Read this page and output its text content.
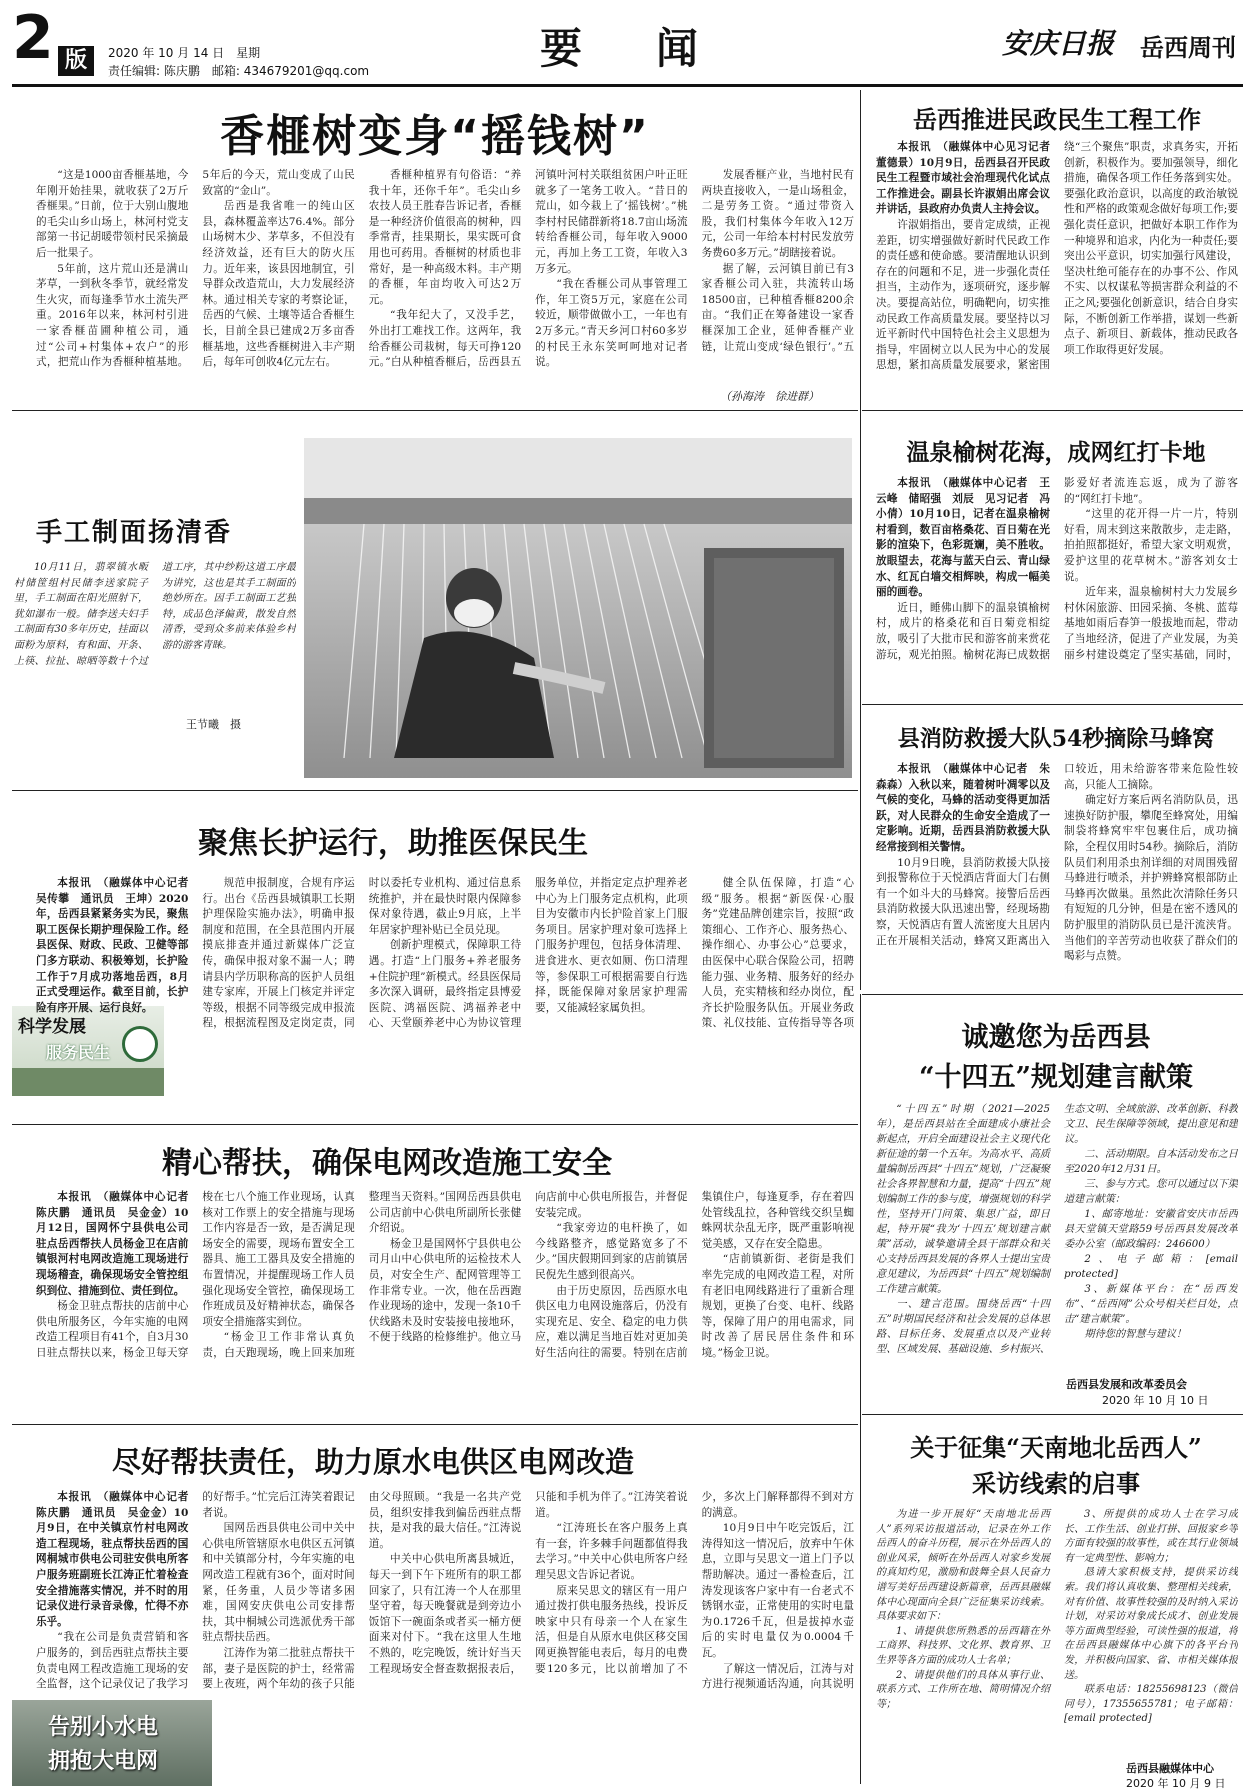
2 版	2020 年 10 月 14 日　星期
责任编辑: 陈庆鹏　邮箱: 434679201@qq.com	要　闻	安庆日报 岳西周刊
香榧树变身“摇钱树”

“这是1000亩香榧基地，今年刚开始挂果，就收获了2万斤香榧果。”日前，位于大别山腹地的毛尖山乡山场上，林河村党支部第一书记胡暖带领村民采摘最后一批果子。

5年前，这片荒山还是满山茅草，一到秋冬季节，就经常发生火灾，而每逢季节水土流失严重。2016年以来，林河村引进一家香榧苗圃种植公司，通过“公司+村集体+农户”的形式，把荒山作为香榧种植基地。5年后的今天，荒山变成了山民致富的“金山”。

岳西是我省唯一的纯山区县，森林覆盖率达76.4%。部分山场树木少、茅草多，不但没有经济效益，还有巨大的防火压力。近年来，该县因地制宜，引导群众改造荒山，大力发展经济林。通过相关专家的考察论证，岳西的气候、土壤等适合香榧生长，目前全县已建成2万多亩香榧基地，这些香榧树进入丰产期后，每年可创收4亿元左右。

香榧种植界有句俗语：“养我十年，还你千年”。毛尖山乡农技人员王胜春告诉记者，香榧是一种经济价值很高的树种，四季常青，挂果期长，果实既可食用也可药用。香榧树的材质也非常好，是一种高级木料。丰产期的香榧，年亩均收入可达2万元。

“我年纪大了，又没手艺，外出打工难找工作。这两年，我给香榧公司栽树，每天可挣120元。”白从种植香榧后，岳西县五河镇叶河村关联组贫困户叶正旺就多了一笔务工收入。“昔日的荒山，如今栽上了‘摇钱树’。”桃李村村民储群新将18.7亩山场流转给香榧公司，每年收入9000元，再加上务工工资，年收入3万多元。

“我在香榧公司从事管理工作，年工资5万元，家庭在公司较近，顺带做做小工，一年也有2万多元。”青天乡河口村60多岁的村民王永东笑呵呵地对记者说。

发展香榧产业，当地村民有两块直接收入，一是山场租金，二是劳务工资。“通过带资入股，我们村集体今年收入12万元，公司一年给本村村民发放劳务费60多万元。”胡瞎接着说。

据了解，云河镇目前已有3家香榧公司入驻，共流转山场18500亩，已种植香榧8200余亩。“我们正在筹备建设一家香榧深加工企业，延伸香榧产业链，让荒山变成‘绿色银行’。”五

（孙海涛　徐进群）
岳西推进民政民生工程工作

本报讯　（融媒体中心见习记者　董德景）10月9日，岳西县召开民政民生工程暨市域社会治理现代化试点工作推进会。副县长许淑娟出席会议并讲话，县政府办负责人主持会议。

许淑娟指出，要肯定成绩，正视差距，切实增强做好新时代民政工作的责任感和使命感。要清醒地认识到存在的问题和不足，进一步强化责任担当，主动作为，逐项研究，逐步解决。要提高站位，明确靶向，切实推动民政工作高质量发展。要坚持以习近平新时代中国特色社会主义思想为指导，牢固树立以人民为中心的发展思想，紧扣高质量发展要求，紧密围绕“三个聚焦”职责，求真务实，开拓创新，积极作为。要加强领导，细化措施，确保各项工作任务落到实处。要强化政治意识，以高度的政治敏锐性和严格的政策观念做好每项工作;要强化责任意识，把做好本职工作作为一种境界和追求，内化为一种责任;要突出公平意识，切实加强行风建设，坚决杜绝可能存在的办事不公、作风不实、以权谋私等损害群众利益的不正之风;要强化创新意识，结合自身实际，不断创新工作举措，谋划一些新点子、新项目、新载体，推动民政各项工作取得更好发展。

手工制面扬清香

10月11日，翡翠镇水畈村储筐组村民储李送家院子里，手工制面在阳光照射下，犹如瀑布一般。储李送夫妇手工制面有30多年历史，挂面以面粉为原料，有和面、开条、上筷、拉扯、晾晒等数十个过道工序，其中纱粉这道工序最为讲究，这也是其手工制面的绝妙所在。因手工制面工艺独特，成品色泽偏黄，散发自然清香，受到众多前来体验乡村游的游客青睐。

王节曦　摄
温泉榆树花海，成网红打卡地

本报讯　（融媒体中心记者　王云峰　储昭强　刘辰　见习记者　冯小倩）10月10日，记者在温泉榆树村看到，数百亩格桑花、百日菊在光影的渲染下，色彩斑斓，美不胜收。放眼望去，花海与蓝天白云、青山绿水、红瓦白墙交相辉映，构成一幅美丽的画卷。

近日，睡佛山脚下的温泉镇榆树村，成片的格桑花和百日菊竞相绽放，吸引了大批市民和游客前来赏花游玩，观光拍照。榆树花海已成数据影爱好者流连忘返，成为了游客的“网红打卡地”。

“这里的花开得一片一片，特别好看，周末到这来散散步，走走路，拍拍照都挺好，希望大家文明观赏，爱护这里的花草树木。”游客刘女士说。

近年来，温泉榆树村大力发展乡村休闲旅游、田园采摘、冬桃、蓝莓基地如雨后春笋一般拔地而起，带动了当地经济，促进了产业发展，为美丽乡村建设奠定了坚实基础，同时，

县消防救援大队54秒摘除马蜂窝

本报讯　（融媒体中心记者　朱森森）入秋以来，随着树叶凋零以及气候的变化，马蜂的活动变得更加活跃，对人民群众的生命安全造成了一定影响。近期，岳西县消防救援大队经常接到相关警情。

10月9日晚，县消防救援大队接到报警称位于天悦酒店背面大门右侧有一个如斗大的马蜂窝。接警后岳西县消防救援大队迅速出警，经现场勘察，天悦酒店有置人流密度大且居内正在开展相关活动，蜂窝又距离出入口较近，用未给游客带来危险性较高，只能人工摘除。

确定好方案后两名消防队员，迅速换好防护服，攀爬至蜂窝处，用编制袋将蜂窝牢牢包裹住后，成功摘除，全程仅用时54秒。摘除后，消防队员们利用杀虫剂详细的对周围残留马蜂进行喷杀，并护辨蜂窝根部防止马蜂再次做巢。虽然此次清除任务只有短短的几分钟，但是在密不透风的防护服里的消防队员已是汗流浃背。当他们的辛苦劳动也收获了群众们的喝彩与点赞。

聚焦长护运行，助推医保民生
科学发展
服务民生

本报讯　（融媒体中心记者　吴传攀　通讯员　王坤）2020年，岳西县紧紧务实为民，聚焦职工医保长期护理保险工作。经县医保、财政、民政、卫健等部门多方联动、积极筹划，长护险工作于7月成功落地岳西，8月正式受理运作。截至目前，长护险有序开展、运行良好。

规范申报制度，合规有序运行。出台《岳西县城镇职工长期护理保险实施办法》，明确申报制度和范围，在全县范围内开展摸底排查并通过新媒体广泛宣传，确保申报对象不漏一人；聘请县内学历职称高的医护人员组建专家库，开展上门核定并评定等级，根据不同等级完成申报流程，根据流程图及定岗定责，同时以委托专业机构、通过信息系统推护，并在最快时限内保障参保对象待遇，截止9月底，上半年居家护理补贴已全员兑现。

创新护理模式，保障职工待遇。打造“上门服务+养老服务+住院护理”新模式。经县医保局多次深入调研，最终指定县博爱医院、鸿福医院、鸿福养老中心、天堂颐养老中心为协议管理服务单位，并指定定点护理养老中心为上门服务定点机构，此项目为安徽市内长护险首家上门服务项目。居家护理对象可选择上门服务护理包，包括身体清理、进食进水、更衣如厕、伤口清理等，参保职工可根据需要自行选择，既能保障对象居家护理需要，又能减轻家属负担。

健全队伍保障，打造“心级”服务。根据“新医保·心服务”党建品牌创建宗旨，按照“政策细心、工作齐心、服务热心、操作细心、办事公心”总要求，由医保中心联合保险公司，招聘能力强、业务精、服务好的经办人员，充实精核和经办岗位，配齐长护险服务队伍。开展业务政策、礼仪技能、宣传指导等各项	诚邀您为岳西县
“十四五”规划建言献策

“十四五”时期（2021—2025年），是岳西县站在全面建成小康社会新起点，开启全面建设社会主义现代化新征途的第一个五年。为高水平、高质量编制岳西县“十四五”规划，广泛凝聚社会各界智慧和力量，提高“十四五”规划编制工作的参与度，增强规划的科学性，坚持开门问策、集思广益，即日起，特开展“我为‘十四五’规划建言献策”活动，诚挚邀请全县干部群众和关心支持岳西县发展的各界人士提出宝贵意见建议，为岳西县“十四五”规划编制工作建言献策。

一、建言范围。围绕岳西“十四五”时期国民经济和社会发展的总体思路、目标任务、发展重点以及产业转型、区域发展、基础设施、乡村振兴、生态文明、全域旅游、改革创新、科教文卫、民生保障等领域，提出意见和建议。

二、活动期限。自本活动发布之日至2020年12月31日。

三、参与方式。您可以通过以下渠道建言献策：

1、邮寄地址：安徽省安庆市岳西县天堂镇天堂路59号岳西县发展改革委办公室（邮政编码：246600）

2、电子邮箱：[email protected]

3、新媒体平台：在“岳西发布”、“岳西网”公众号相关栏目处，点击“建言献策”。

期待您的智慧与建议！

岳西县发展和改革委员会
2020 年 10 月 10 日
精心帮扶，确保电网改造施工安全

本报讯　（融媒体中心记者　陈庆鹏　通讯员　吴金金）10月12日，国网怀宁县供电公司驻点岳西帮扶人员杨金卫在店前镇银河村电网改造施工现场进行现场稽查，确保现场安全管控组织到位、措施到位、责任到位。

杨金卫驻点帮扶的店前中心供电所服务区，今年实施的电网改造工程项目有41个，自3月30日驻点帮扶以来，杨金卫每天穿梭在七八个施工作业现场，认真核对工作票上的安全措施与现场工作内容是否一致，是否满足现场安全的需要，现场布置安全工器具、施工工器具及安全措施的布置情况，并提醒现场工作人员强化现场安全管控，确保现场工作班成员及好精神状态，确保各项安全措施落实到位。

“杨金卫工作非常认真负责，白天跑现场，晚上回来加班整理当天资料。”国网岳西县供电公司店前中心供电所副所长张健介绍说。

杨金卫是国网怀宁县供电公司月山中心供电所的运检技术人员，对安全生产、配网管理等工作非常专业。一次，他在岳西跑作业现场的途中，发现一条10千伏线路未及时安装接电接地环，不便于线路的检修维护。他立马向店前中心供电所报告，并督促安装完成。

“我家旁边的电杆换了，如今线路整齐，感觉路宽多了不少。”国庆假期回到家的店前镇居民倪先生感到很高兴。

由于历史原因，岳西原水电供区电力电网设施落后，仍没有实现充足、安全、稳定的电力供应，难以满足当地百姓对更加美好生活向往的需要。特别在店前集镇住户，每逢夏季，存在着四处管线乱拉，各种管线交织呈蜘蛛网状杂乱无序，既严重影响视觉美感，又存在安全隐患。

“店前镇新街、老街是我们率先完成的电网改造工程，对所有老旧电网线路进行了重新合理规划，更换了台变、电杆、线路等，保障了用户的用电需求，同时改善了居民居住条件和环境。”杨金卫说。

尽好帮扶责任，助力原水电供区电网改造

本报讯　（融媒体中心记者　陈庆鹏　通讯员　吴金金）10月9日，在中关镇京竹村电网改造工程现场，驻点帮扶岳西的国网桐城市供电公司驻安供电所客户服务班副班长江涛正忙着检查安全措施落实情况，并不时的用记录仪进行录音录像，忙得不亦乐乎。

“我在公司是负责营销和客户服务的，到岳西驻点帮扶主要负责电网工程改造施工现场的安全监督，这个记录仪记了我学习的好帮手。”忙完后江涛笑着跟记者说。

国网岳西县供电公司中关中心供电所管辖原水电供区五河镇和中关镇部分村，今年实施的电网改造工程就有36个，面对时间紧，任务重，人员少等诸多困难，国网安庆供电公司安排帮扶，其中桐城公司选派优秀干部驻点帮扶岳西。

江涛作为第二批驻点帮扶干部，妻子是医院的护士，经常需要上夜班，两个年幼的孩子只能由父母照顾。“我是一名共产党员，组织安排我到偏岳西驻点帮扶，是对我的最大信任。”江涛说道。

中关中心供电所离县城近，每天一到下午下班所有的职工都回家了，只有江涛一个人在那里坚守着，每天晚餐就是到旁边小饭馆下一碗面条或者买一桶方便面来对付下。“我在这里人生地不熟的，吃完晚饭，统计好当天工程现场安全督查数据报表后，只能和手机为伴了。”江涛笑着说道。

“江涛班长在客户服务上真有一套，许多棘手问题都值得我去学习。”中关中心供电所客户经理吴思文告诉记者说。

原来吴思文的辖区有一用户通过拨打供电服务热线，投诉反映家中只有母亲一个人在家生活，但是自从原水电供区移交国网更换智能电表后，每月的电费要120多元，比以前增加了不少，多次上门解释都得不到对方的满意。

10月9日中午吃完饭后，江涛得知这一情况后，放弃中午休息，立即与吴思文一道上门予以帮助解决。通过一番检查后，江涛发现该客户家中有一台老式不锈钢水壶，正常使用的实时电量为0.1726千瓦，但是拔掉水壶后的实时电量仅为0.0004千瓦。

了解这一情况后，江涛与对方进行视频通话沟通，向其说明

告别小水电
拥抱大电网
关于征集“天南地北岳西人”
采访线索的启事

为进一步开展好“天南地北岳西人”系列采访报道活动，记录在外工作岳西人的奋斗历程，展示在外岳西人的创业风采，倾听在外岳西人对家乡发展的真知灼见，激励和鼓舞全县人民奋力谱写美好岳西建设新篇章，岳西县融媒体中心现面向全县广泛征集采访线索。具体要求如下：

1、请提供您所熟悉的岳西籍在外工商界、科技界、文化界、教育界、卫生界等各方面的成功人士名单；

2、请提供他们的具体从事行业、联系方式、工作所在地、简明情况介绍等；

3、所提供的成功人士在学习成长、工作生活、创业打拼、回报家乡等方面有较强的故事性，或在其行业领域有一定典型性、影响力；

恳请大家积极支持，提供采访线索。我们将认真收集、整理相关线索，对有价值、故事性较强的及时纳入采访计划，对采访对象成长成才、创业发展等方面典型经验，可读性强的报道，将在岳西县融媒体中心旗下的各平台刊发，并积极向国家、省、市相关媒体报送。

联系电话：18255698123（微信同号），17355655781；电子邮箱：[email protected]

岳西县融媒体中心
2020 年 10 月 9 日
